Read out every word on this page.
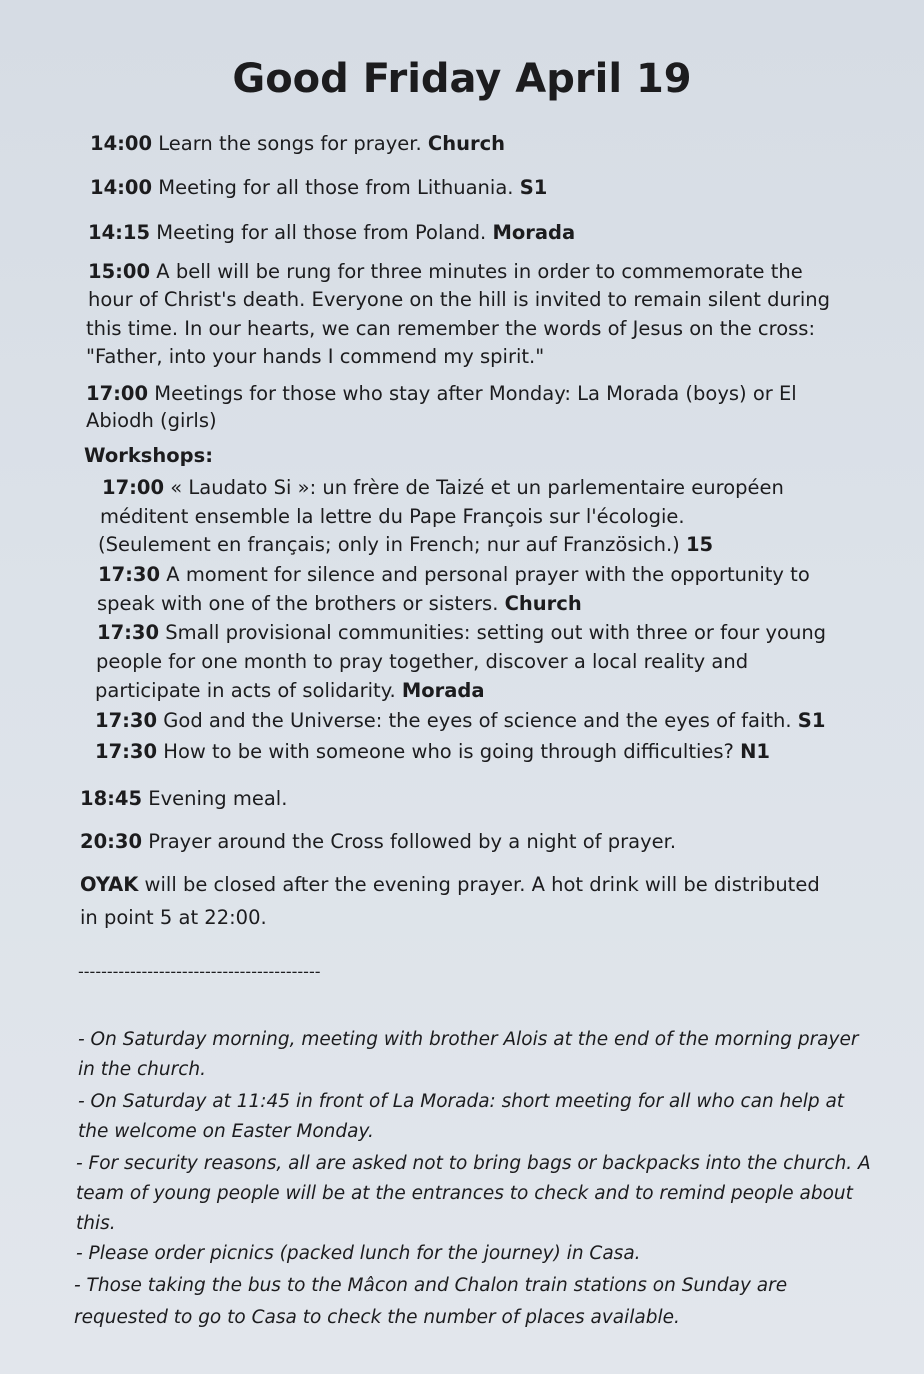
Good Friday April 19
14:00 Learn the songs for prayer. Church
14:00 Meeting for all those from Lithuania. S1
14:15 Meeting for all those from Poland. Morada
15:00 A bell will be rung for three minutes in order to commemorate the
hour of Christ's death. Everyone on the hill is invited to remain silent during
this time. In our hearts, we can remember the words of Jesus on the cross:
"Father, into your hands I commend my spirit."
17:00 Meetings for those who stay after Monday: La Morada (boys) or El
Abiodh (girls)
Workshops:
17:00 « Laudato Si »: un frère de Taizé et un parlementaire européen
méditent ensemble la lettre du Pape François sur l'écologie.
(Seulement en français; only in French; nur auf Französich.) 15
17:30 A moment for silence and personal prayer with the opportunity to
speak with one of the brothers or sisters. Church
17:30 Small provisional communities: setting out with three or four young
people for one month to pray together, discover a local reality and
participate in acts of solidarity. Morada
17:30 God and the Universe: the eyes of science and the eyes of faith. S1
17:30 How to be with someone who is going through difficulties? N1
18:45 Evening meal.
20:30 Prayer around the Cross followed by a night of prayer.
OYAK will be closed after the evening prayer. A hot drink will be distributed
in point 5 at 22:00.
------------------------------------------
- On Saturday morning, meeting with brother Alois at the end of the morning prayer
in the church.
- On Saturday at 11:45 in front of La Morada: short meeting for all who can help at
the welcome on Easter Monday.
- For security reasons, all are asked not to bring bags or backpacks into the church. A
team of young people will be at the entrances to check and to remind people about
this.
- Please order picnics (packed lunch for the journey) in Casa.
- Those taking the bus to the Mâcon and Chalon train stations on Sunday are
requested to go to Casa to check the number of places available.
